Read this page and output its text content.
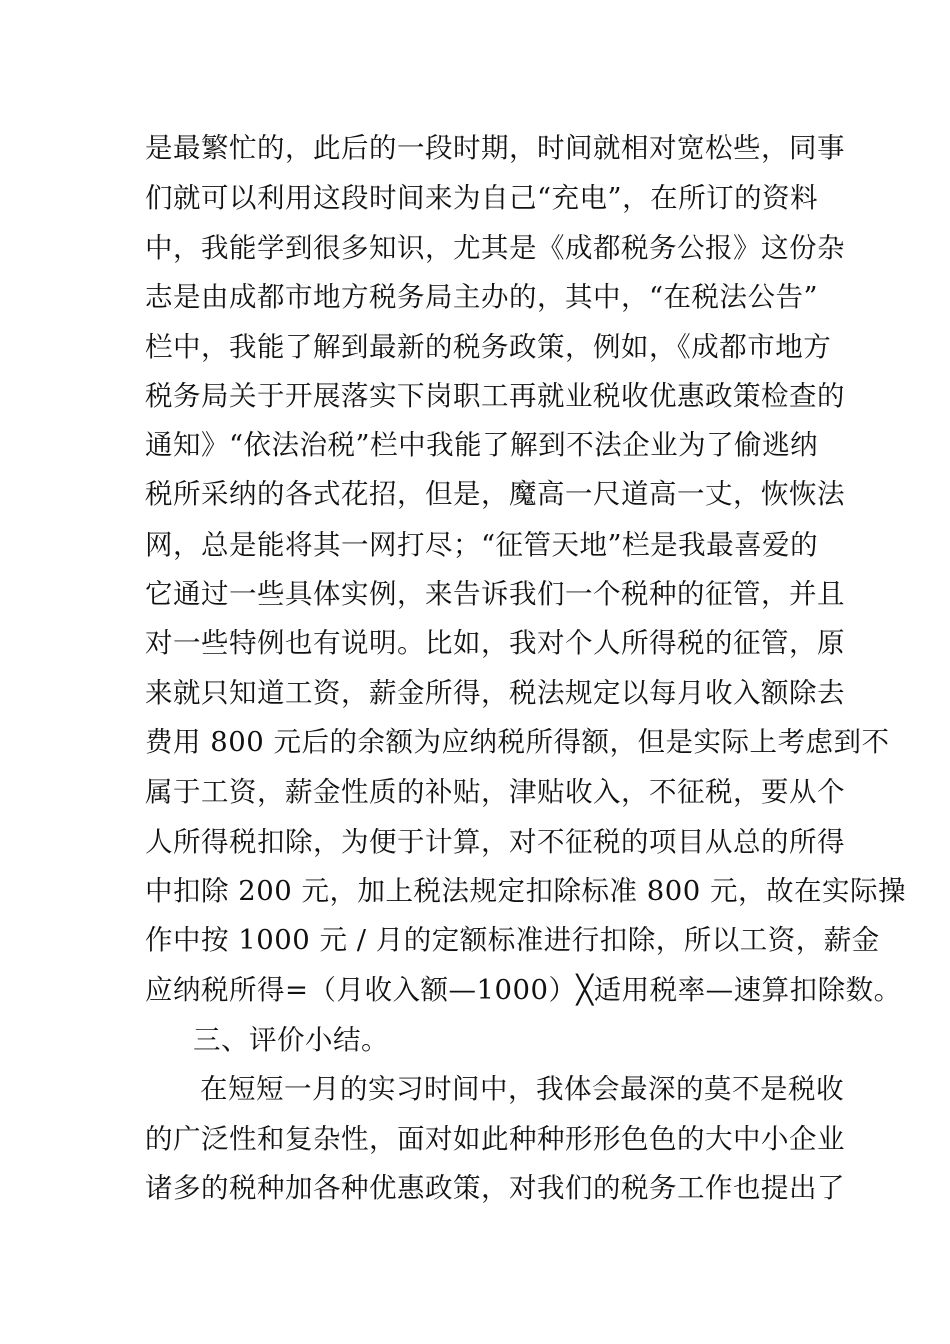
是最繁忙的，此后的一段时期，时间就相对宽松些，同事
们就可以利用这段时间来为自己“充电”，在所订的资料
中，我能学到很多知识，尤其是《成都税务公报》这份杂
志是由成都市地方税务局主办的，其中，“在税法公告”
栏中，我能了解到最新的税务政策，例如，《成都市地方
税务局关于开展落实下岗职工再就业税收优惠政策检查的
通知》“依法治税”栏中我能了解到不法企业为了偷逃纳
税所采纳的各式花招，但是，魔高一尺道高一丈，恢恢法
网，总是能将其一网打尽；“征管天地”栏是我最喜爱的
它通过一些具体实例，来告诉我们一个税种的征管，并且
对一些特例也有说明。比如，我对个人所得税的征管，原
来就只知道工资，薪金所得，税法规定以每月收入额除去
费用 800 元后的余额为应纳税所得额，但是实际上考虑到不
属于工资，薪金性质的补贴，津贴收入，不征税，要从个
人所得税扣除，为便于计算，对不征税的项目从总的所得
中扣除 200 元，加上税法规定扣除标准 800 元，故在实际操
作中按 1000 元 / 月的定额标准进行扣除，所以工资，薪金
应纳税所得=（月收入额—1000）╳适用税率—速算扣除数。
三、评价小结。
在短短一月的实习时间中，我体会最深的莫不是税收
的广泛性和复杂性，面对如此种种形形色色的大中小企业
诸多的税种加各种优惠政策，对我们的税务工作也提出了
